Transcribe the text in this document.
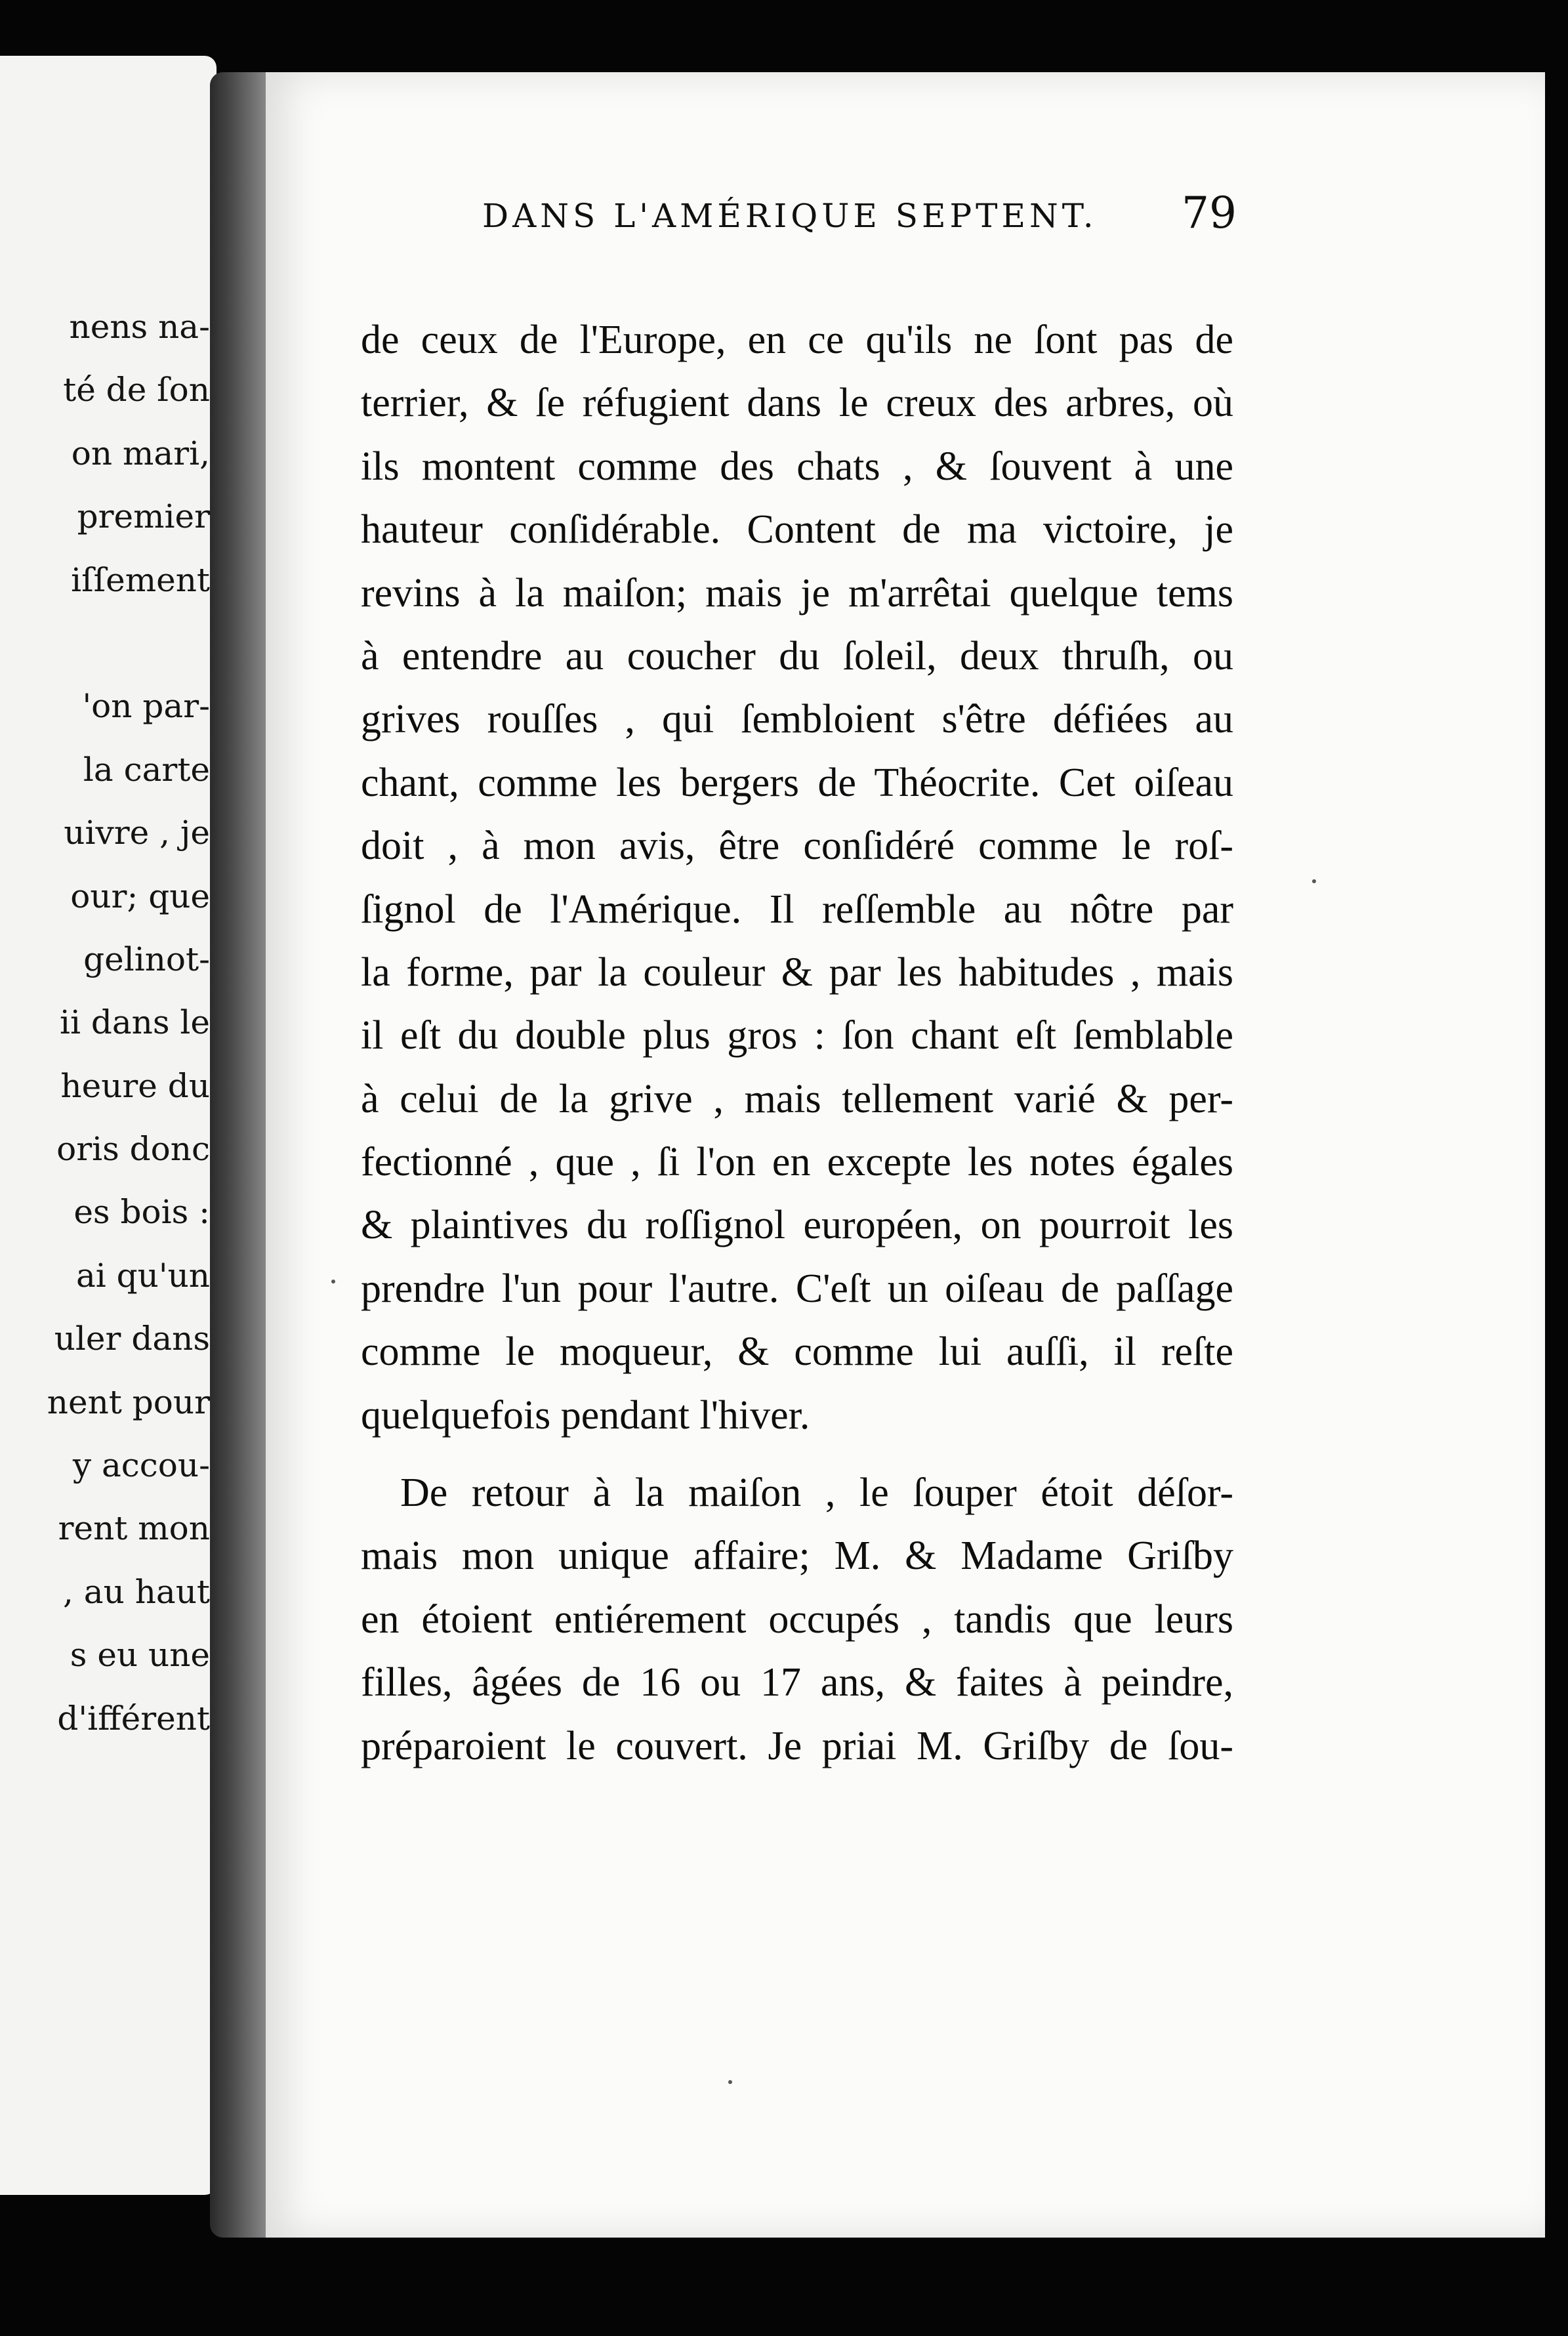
nens na-
té de ſon
on mari,
premier
iſſement
'on par-
la carte
uivre , je
our; que
gelinot-
ii dans le
heure du
oris donc
es bois :
ai qu'un
uler dans
nent pour
y accou-
rent mon
, au haut
s eu une
d'ifférent
DANS L'AMÉRIQUE SEPTENT. 79
de ceux de l'Europe, en ce qu'ils ne ſont pas de
terrier, & ſe réfugient dans le creux des arbres, où
ils montent comme des chats , & ſouvent à une
hauteur conſidérable. Content de ma victoire, je
revins à la maiſon; mais je m'arrêtai quelque tems
à entendre au coucher du ſoleil, deux thruſh, ou
grives rouſſes , qui ſembloient s'être défiées au
chant, comme les bergers de Théocrite. Cet oiſeau
doit , à mon avis, être conſidéré comme le roſ-
ſignol de l'Amérique. Il reſſemble au nôtre par
la forme, par la couleur & par les habitudes , mais
il eſt du double plus gros : ſon chant eſt ſemblable
à celui de la grive , mais tellement varié & per-
fectionné , que , ſi l'on en excepte les notes égales
& plaintives du roſſignol européen, on pourroit les
prendre l'un pour l'autre. C'eſt un oiſeau de paſſage
comme le moqueur, & comme lui auſſi, il reſte
quelquefois pendant l'hiver.
De retour à la maiſon , le ſouper étoit déſor-
mais mon unique affaire; M. & Madame Griſby
en étoient entiérement occupés , tandis que leurs
filles, âgées de 16 ou 17 ans, & faites à peindre,
préparoient le couvert. Je priai M. Griſby de ſou-
